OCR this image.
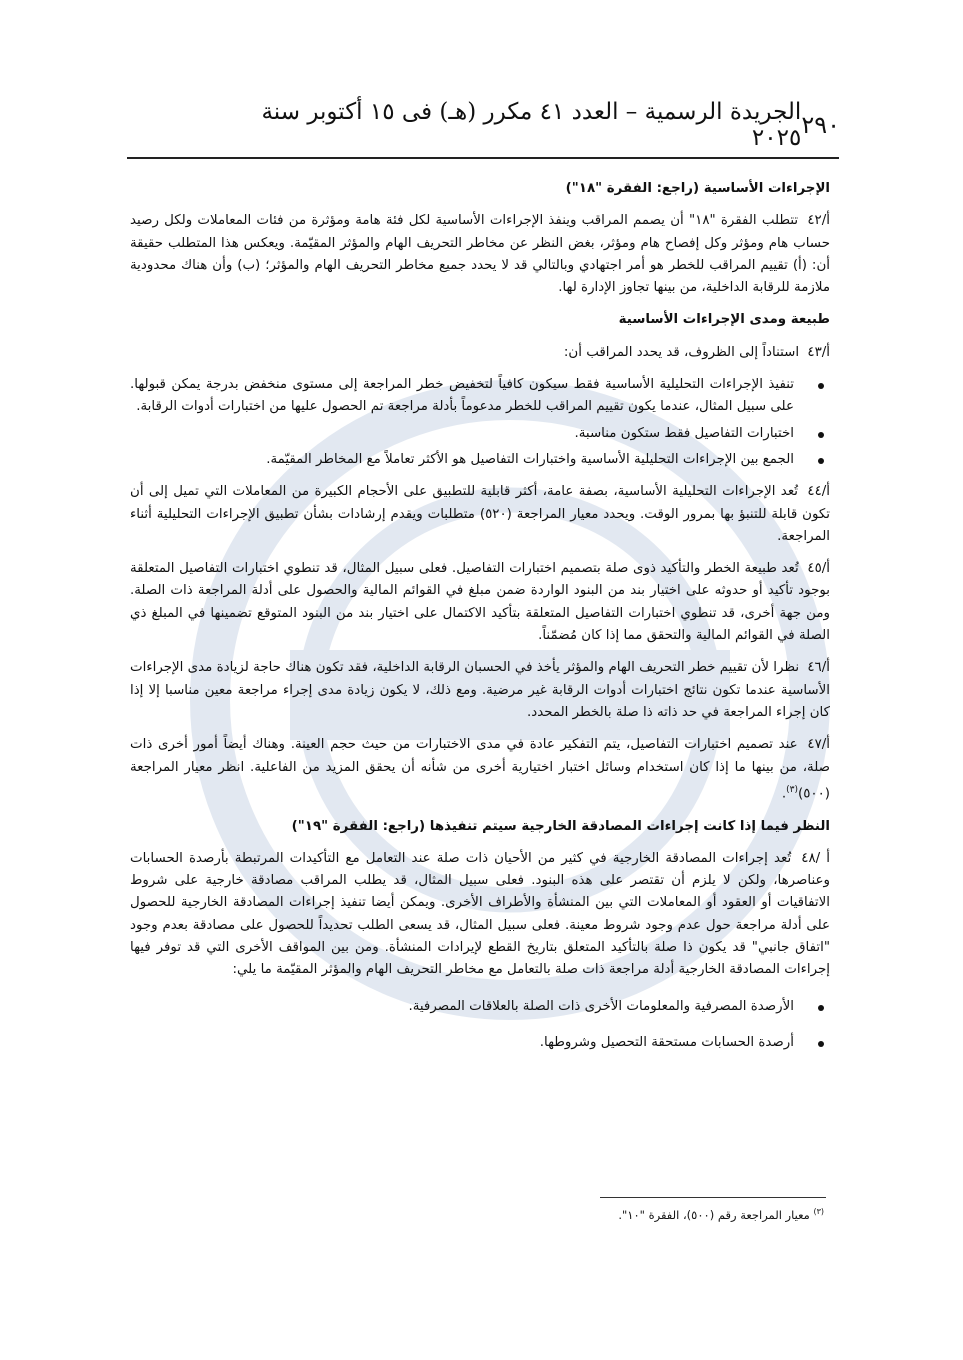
الجريدة الرسمية – العدد ٤١ مكرر (هـ) فى ١٥ أكتوبر سنة ٢٠٢٥ ٢٩٠
الإجراءات الأساسية (راجع: الفقرة "١٨")

أ/٤٢ تتطلب الفقرة "١٨" أن يصمم المراقب وينفذ الإجراءات الأساسية لكل فئة هامة ومؤثرة من فئات المعاملات ولكل رصيد حساب هام ومؤثر وكل إفصاح هام ومؤثر، بغض النظر عن مخاطر التحريف الهام والمؤثر المقيّمة. ويعكس هذا المتطلب حقيقة أن: (أ) تقييم المراقب للخطر هو أمر اجتهادي وبالتالي قد لا يحدد جميع مخاطر التحريف الهام والمؤثر؛ (ب) وأن هناك محدودية ملازمة للرقابة الداخلية، من بينها تجاوز الإدارة لها.

طبيعة ومدى الإجراءات الأساسية

أ/٤٣ استناداً إلى الظروف، قد يحدد المراقب أن:

تنفيذ الإجراءات التحليلية الأساسية فقط سيكون كافياً لتخفيض خطر المراجعة إلى مستوى منخفض بدرجة يمكن قبولها. على سبيل المثال، عندما يكون تقييم المراقب للخطر مدعوماً بأدلة مراجعة تم الحصول عليها من اختبارات أدوات الرقابة.
اختبارات التفاصيل فقط ستكون مناسبة.
الجمع بين الإجراءات التحليلية الأساسية واختبارات التفاصيل هو الأكثر تعاملاً مع المخاطر المقيّمة.

أ/٤٤ تُعد الإجراءات التحليلية الأساسية، بصفة عامة، أكثر قابلية للتطبيق على الأحجام الكبيرة من المعاملات التي تميل إلى أن تكون قابلة للتنبؤ بها بمرور الوقت. ويحدد معيار المراجعة (٥٢٠) متطلبات ويقدم إرشادات بشأن تطبيق الإجراءات التحليلية أثناء المراجعة.

أ/٤٥ تُعد طبيعة الخطر والتأكيد ذوى صلة بتصميم اختبارات التفاصيل. فعلى سبيل المثال، قد تنطوي اختبارات التفاصيل المتعلقة بوجود تأكيد أو حدوثه على اختيار بند من البنود الواردة ضمن مبلغ في القوائم المالية والحصول على أدلة المراجعة ذات الصلة. ومن جهة أخرى، قد تنطوي اختبارات التفاصيل المتعلقة بتأكيد الاكتمال على اختيار بند من البنود المتوقع تضمينها في المبلغ ذي الصلة في القوائم المالية والتحقق مما إذا كان مُضمّناً.

أ/٤٦ نظرا لأن تقييم خطر التحريف الهام والمؤثر يأخذ في الحسبان الرقابة الداخلية، فقد تكون هناك حاجة لزيادة مدى الإجراءات الأساسية عندما تكون نتائج اختبارات أدوات الرقابة غير مرضية. ومع ذلك، لا يكون زيادة مدى إجراء مراجعة معين مناسبا إلا إذا كان إجراء المراجعة في حد ذاته ذا صلة بالخطر المحدد.

أ/٤٧ عند تصميم اختبارات التفاصيل، يتم التفكير عادة في مدى الاختبارات من حيث حجم العينة. وهناك أيضاً أمور أخرى ذات صلة، من بينها ما إذا كان استخدام وسائل اختبار اختيارية أخرى من شأنه أن يحقق المزيد من الفاعلية. انظر معيار المراجعة (٥٠٠)$^{(٣)}$.

النظر فيما إذا كانت إجراءات المصادقة الخارجية سيتم تنفيذها (راجع: الفقرة "١٩")

أ /٤٨ تُعد إجراءات المصادقة الخارجية في كثير من الأحيان ذات صلة عند التعامل مع التأكيدات المرتبطة بأرصدة الحسابات وعناصرها، ولكن لا يلزم أن تقتصر على هذه البنود. فعلى سبيل المثال، قد يطلب المراقب مصادقة خارجية على شروط الاتفاقيات أو العقود أو المعاملات التي بين المنشأة والأطراف الأخرى. ويمكن أيضا تنفيذ إجراءات المصادقة الخارجية للحصول على أدلة مراجعة حول عدم وجود شروط معينة. فعلى سبيل المثال، قد يسعى الطلب تحديداً للحصول على مصادقة بعدم وجود "اتفاق جانبي" قد يكون ذا صلة بالتأكيد المتعلق بتاريخ القطع لإيرادات المنشأة. ومن بين المواقف الأخرى التي قد توفر فيها إجراءات المصادقة الخارجية أدلة مراجعة ذات صلة بالتعامل مع مخاطر التحريف الهام والمؤثر المقيّمة ما يلي:

الأرصدة المصرفية والمعلومات الأخرى ذات الصلة بالعلاقات المصرفية.
أرصدة الحسابات مستحقة التحصيل وشروطها.
$^{(٣)}$ معيار المراجعة رقم (٥٠٠)، الفقرة "١٠".
